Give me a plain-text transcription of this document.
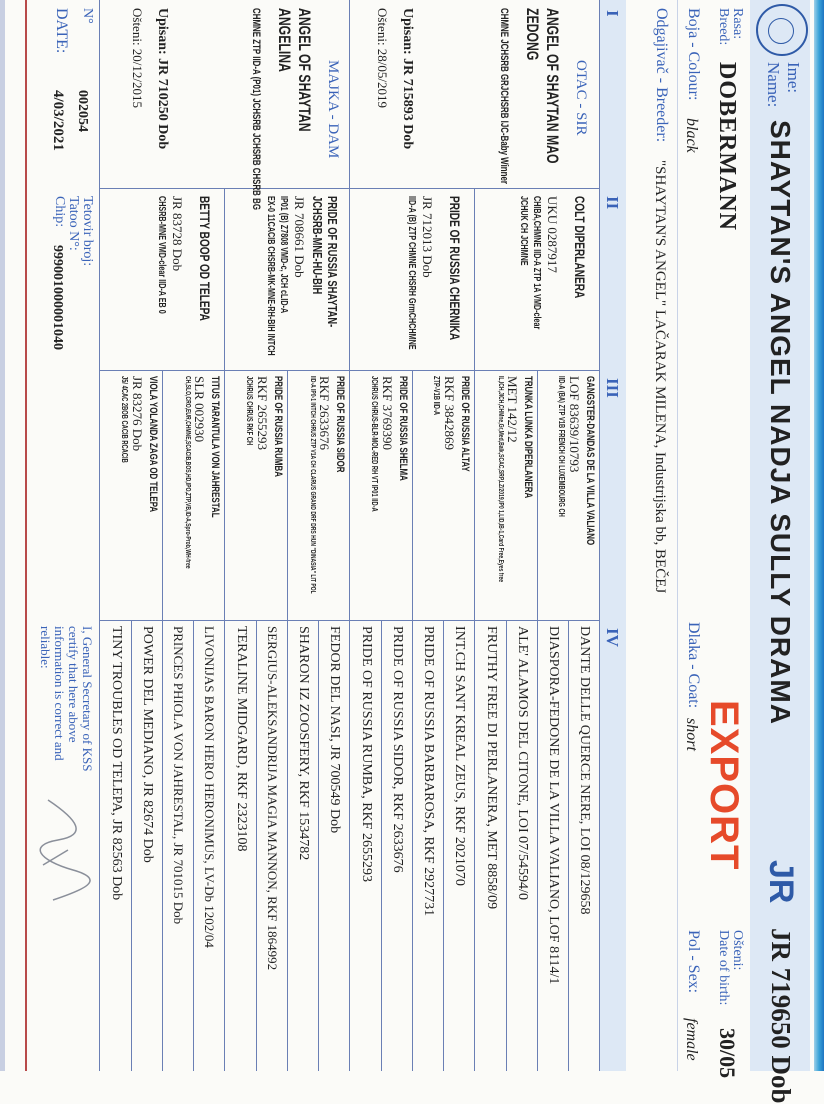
Ime:
Name:
SHAYTAN'S ANGEL NADJA SULLY DRAMA
JR
JR 719650 Dob
Rasa:
Breed:
DOBERMANN
EXPORT
Ošteni:
Date of birth:
30/05
Boja - Colour:
black
Dlaka - Coat:
short
Pol - Sex:
female
Odgajivač - Breeder:
"SHAYTAN'S ANGEL" LAČARAK MILENA, Industrijska bb, BEČEJ
I
II
III
IV
OTAC - SIR
ANGEL OF SHAYTAN MAO ZEDONG
CHMNE JCHSRB GRJCHSRB IJC-Baby Winner
Upisan: JR 715893 Dob
Ošteni: 28/05/2019
MAJKA - DAM
ANGEL OF SHAYTAN ANGELINA
CHMNE ZTP IID-A (P01) JCHSRB JCHSRB CHSRB BG
Upisan: JR 710250 Dob
Ošteni: 20/12/2015
COLT DIPERLANERA
UKU 0287917
CHIBA,CHMNE IID-A ZTP 1A VMD-clear
JCHUK CH JCHMNE
PRIDE OF RUSSIA CHERNIKA
JR 712013 Dob
IID-A (B) ZTP CHMNE CHSRH GrmCHCHMNE
PRIDE OF RUSSIA SHAYTAN-JCHSRB-MNE-HU-BIH
JR 708661 Dob
IP01 (B) Z7808 VMD-c, JCH cLID-A
EX-0 11CACIB CHSRB-MK-MNE-RH-BIH INTCH
BETTY BOOP OD TELEPA
JR 83728 Dob
CHSRB-MNE VMD-clear IID-A EB 0
GANGSTER-DANDAS DE LA VILLA VALIANO
LOF 83639/10793
IID-A (BA) ZTP V1B FRENCH CH LUXEMBOURG CH
TRUNKA LUNKA DIPERLANERA
MET 142/12
IL,ICH,JICH,CHMne,Gr,Med,Balk,SCAC,SRP,LZ/2019,IP0 1,LID,IB-1,Card Free,Eyes free
PRIDE OF RUSSIA ALTAY
RKF 3842869
ZTP-V1B IID-A
PRIDE OF RUSSIA SHELMA
RKF 3769390
JCHRUS CHRUS-BLR-MOL-RED RH VT IP01 IID-A
PRIDE OF RUSSIA SIDOR
RKF 2633676
IID-A IP0-1 INTCH CHRUS ZTP V1A CH CLARUS GRAND DRF DRS HUN "DINASIA" LIT POL
PRIDE OF RUSSIA RUMBA
RKF 2655293
JCHRUS CHRUS RKF CH
TITUS TARANTULA VON JAHRESTAL
SLR 002930
CH,SLO,CRO,EUR,CHMNE,SCACIB,BOS,HD,IPO,ZTP,VB,ID-A,Spro-Prob,WH-free
VIOLA YOLANDA ZAGA OD TELEPA
JR 83276 Dob
J5/ 4CAC 2BOB CACIB RCACIB
DANTE DELLE QUERCE NERE, LOI 08/129658
DIASPORA-FEDONE DE LA VILLA VALIANO, LOF 8114/1
ALE' ALAMOS DEL CITONE, LOI 07/54594/0
FRUTHY FREE DI PERLANERA, MET 8858/09
INT.CH SANT KREAL ZEUS, RKF 2021070
PRIDE OF RUSSIA BARBAROSA, RKF 2927731
PRIDE OF RUSSIA SIDOR, RKF 2633676
PRIDE OF RUSSIA RUMBA, RKF 2655293
FEDOR DEL NASI, JR 700549 Dob
SHARON IZ ZOOSFERY, RKF 1534782
SERGIUS-ALEKSANDRIJA MAGIA MANNON, RKF 1864992
TERALINE MIDGARD, RKF 2323108
LIVONIJAS BARON HERO HERONIMUS, LV-Db 1202/04
PRINCES PHIOLA VON JAHRESTAL, JR 701015 Dob
POWER DEL MEDIANO, JR 82674 Dob
TINY TROUBLES OD TELEPA, JR 82563 Dob
N°
002054
DATE:
4/03/2021
Tetovir broj:
Tatoo N°:
Chip:
999001000001040
I, General Secretary of KSS certify that here above information is correct and reliable:
